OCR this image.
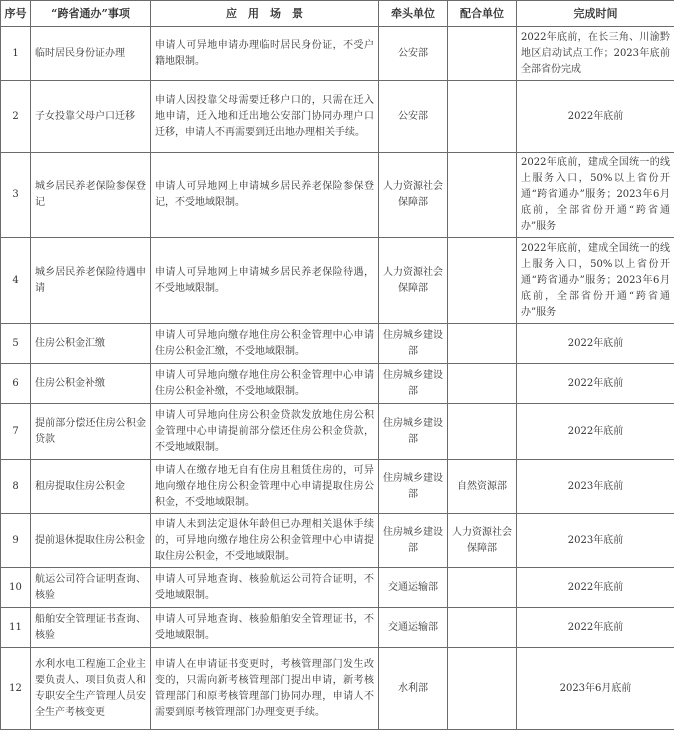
序号	“跨省通办”事项	应　用　场　景	牵头单位	配合单位	完成时间
1	临时居民身份证办理	申请人可异地申请办理临时居民身份证，不受户籍地限制。	公安部		2022年底前，在长三角、川渝黔地区启动试点工作；2023年底前全部省份完成
2	子女投靠父母户口迁移	申请人因投靠父母需要迁移户口的，只需在迁入地申请，迁入地和迁出地公安部门协同办理户口迁移，申请人不再需要到迁出地办理相关手续。	公安部		2022年底前
3	城乡居民养老保险参保登记	申请人可异地网上申请城乡居民养老保险参保登记，不受地域限制。	人力资源社会保障部		2022年底前，建成全国统一的线上服务入口，50%以上省份开通“跨省通办”服务；2023年6月底前，全部省份开通“跨省通办”服务
4	城乡居民养老保险待遇申请	申请人可异地网上申请城乡居民养老保险待遇，不受地域限制。	人力资源社会保障部		2022年底前，建成全国统一的线上服务入口，50%以上省份开通“跨省通办”服务；2023年6月底前，全部省份开通“跨省通办”服务
5	住房公积金汇缴	申请人可异地向缴存地住房公积金管理中心申请住房公积金汇缴，不受地域限制。	住房城乡建设部		2022年底前
6	住房公积金补缴	申请人可异地向缴存地住房公积金管理中心申请住房公积金补缴，不受地域限制。	住房城乡建设部		2022年底前
7	提前部分偿还住房公积金贷款	申请人可异地向住房公积金贷款发放地住房公积金管理中心申请提前部分偿还住房公积金贷款，不受地域限制。	住房城乡建设部		2022年底前
8	租房提取住房公积金	申请人在缴存地无自有住房且租赁住房的，可异地向缴存地住房公积金管理中心申请提取住房公积金，不受地域限制。	住房城乡建设部	自然资源部	2023年底前
9	提前退休提取住房公积金	申请人未到法定退休年龄但已办理相关退休手续的，可异地向缴存地住房公积金管理中心申请提取住房公积金，不受地域限制。	住房城乡建设部	人力资源社会保障部	2023年底前
10	航运公司符合证明查询、核验	申请人可异地查询、核验航运公司符合证明，不受地域限制。	交通运输部		2022年底前
11	船舶安全管理证书查询、核验	申请人可异地查询、核验船舶安全管理证书，不受地域限制。	交通运输部		2022年底前
12	水利水电工程施工企业主要负责人、项目负责人和专职安全生产管理人员安全生产考核变更	申请人在申请证书变更时，考核管理部门发生改变的，只需向新考核管理部门提出申请，新考核管理部门和原考核管理部门协同办理，申请人不需要到原考核管理部门办理变更手续。	水利部		2023年6月底前
